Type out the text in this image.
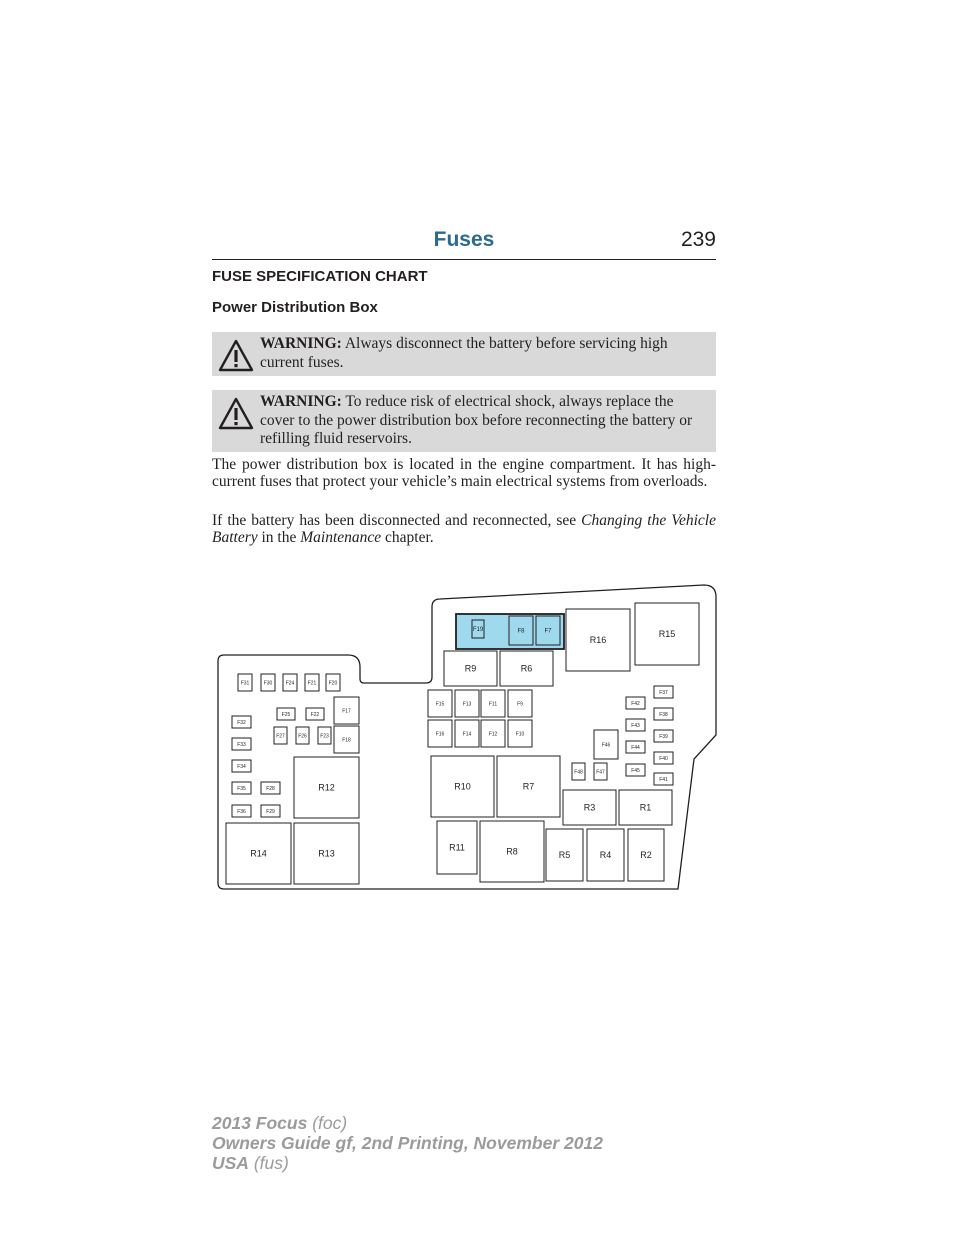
Fuses	239
FUSE SPECIFICATION CHART
Power Distribution Box
WARNING: Always disconnect the battery before servicing high current fuses.
WARNING: To reduce risk of electrical shock, always replace the cover to the power distribution box before reconnecting the battery or refilling fluid reservoirs.
The power distribution box is located in the engine compartment. It has high-current fuses that protect your vehicle’s main electrical systems from overloads.
If the battery has been disconnected and reconnected, see Changing the Vehicle Battery in the Maintenance chapter.
F19	F8	F7
R16
R15
R9	R6
F31	F30	F24	F21 F20
F25	F22
F17
F27	F26	F23
F18
F32
F33
F34
F35	F28
F36	F29
R12
R14	R13
F15	F13	F11	F9
F16	F14	F12	F10
R10	R7
R11	R8	R5	R4	R2
R3	R1
F37
F42
F38
F43
F39
F46	F44
F40
F48	F47	F45
F41
2013 Focus (foc)
Owners Guide gf, 2nd Printing, November 2012
USA (fus)
